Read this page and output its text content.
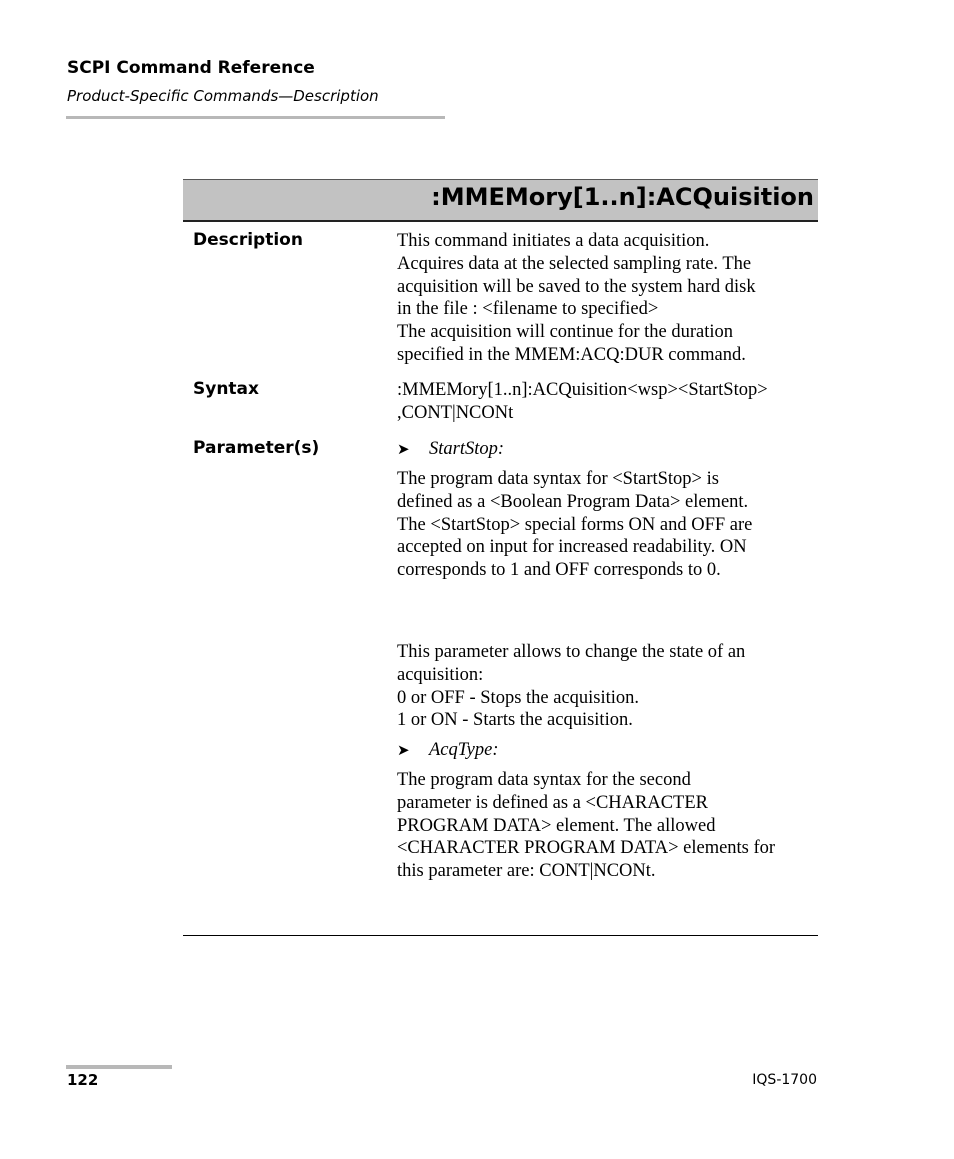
SCPI Command Reference
Product-Specific Commands—Description
:MMEMory[1..n]:ACQuisition
Description	This command initiates a data acquisition.
Acquires data at the selected sampling rate. The
acquisition will be saved to the system hard disk
in the file : <filename to specified>
The acquisition will continue for the duration
specified in the MMEM:ACQ:DUR command.
Syntax	:MMEMory[1..n]:ACQuisition<wsp><StartStop>
,CONT|NCONt
Parameter(s)	➤ StartStop:
The program data syntax for <StartStop> is
defined as a <Boolean Program Data> element.
The <StartStop> special forms ON and OFF are
accepted on input for increased readability. ON
corresponds to 1 and OFF corresponds to 0.
This parameter allows to change the state of an
acquisition:
0 or OFF - Stops the acquisition.
1 or ON - Starts the acquisition.
➤ AcqType:
The program data syntax for the second
parameter is defined as a <CHARACTER
PROGRAM DATA> element. The allowed
<CHARACTER PROGRAM DATA> elements for
this parameter are: CONT|NCONt.
122	IQS-1700
